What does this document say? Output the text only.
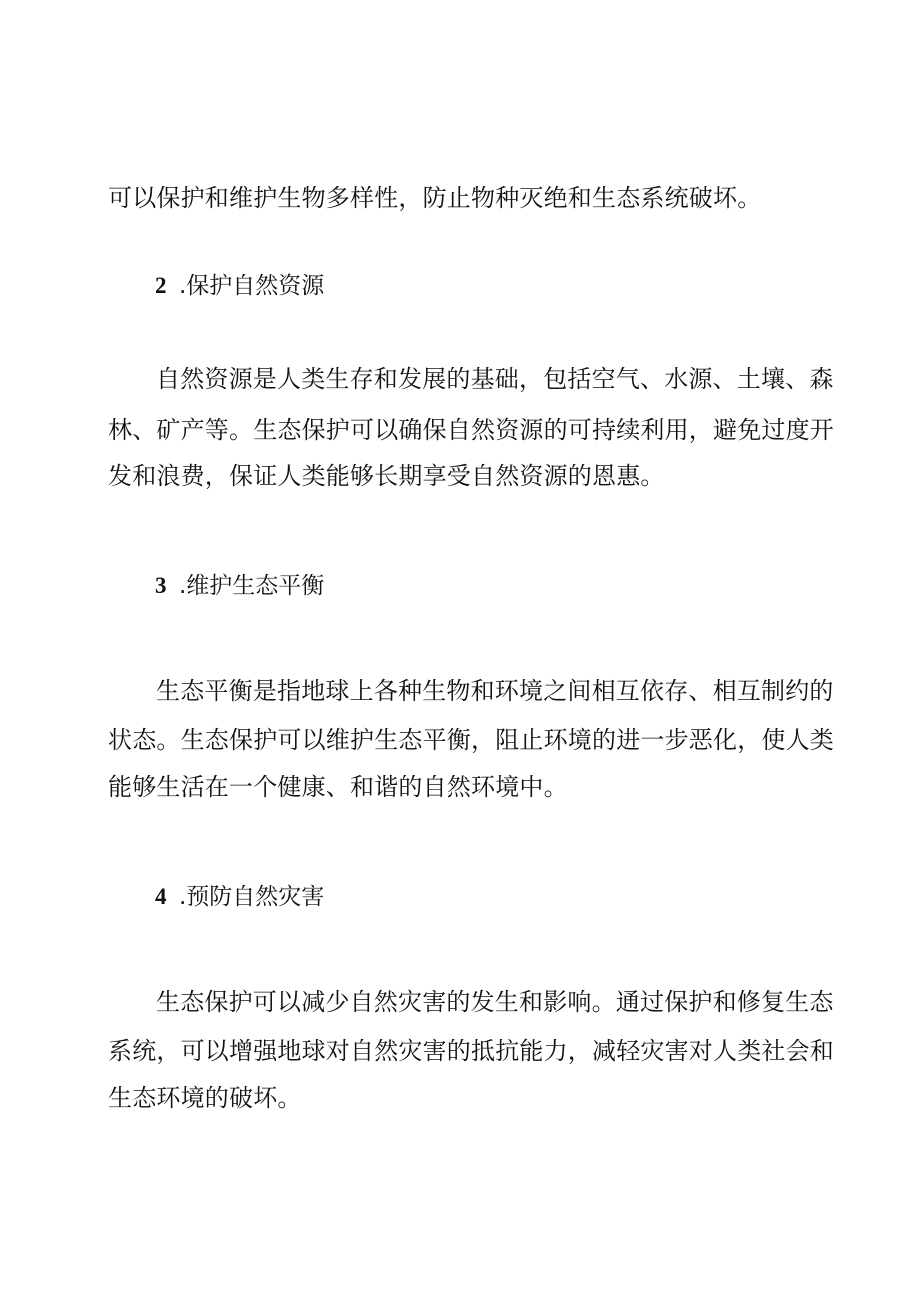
可以保护和维护生物多样性，防止物种灭绝和生态系统破坏。
2 .保护自然资源
自然资源是人类生存和发展的基础，包括空气、水源、土壤、森
林、矿产等。生态保护可以确保自然资源的可持续利用，避免过度开
发和浪费，保证人类能够长期享受自然资源的恩惠。
3 .维护生态平衡
生态平衡是指地球上各种生物和环境之间相互依存、相互制约的
状态。生态保护可以维护生态平衡，阻止环境的进一步恶化，使人类
能够生活在一个健康、和谐的自然环境中。
4 .预防自然灾害
生态保护可以减少自然灾害的发生和影响。通过保护和修复生态
系统，可以增强地球对自然灾害的抵抗能力，减轻灾害对人类社会和
生态环境的破坏。
